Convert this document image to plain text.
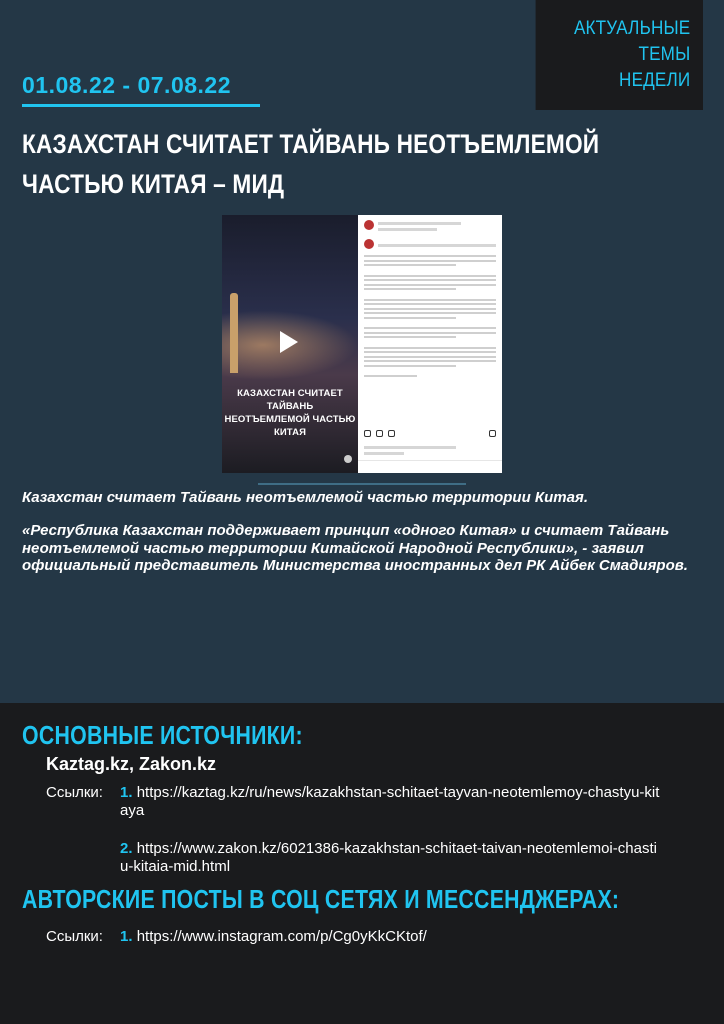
АКТУАЛЬНЫЕ ТЕМЫ
НЕДЕЛИ
01.08.22 - 07.08.22
КАЗАХСТАН СЧИТАЕТ ТАЙВАНЬ НЕОТЪЕМЛЕМОЙ ЧАСТЬЮ КИТАЯ – МИД
КАЗАХСТАН СЧИТАЕТ ТАЙВАНЬ
НЕОТЪЕМЛЕМОЙ ЧАСТЬЮ КИТАЯ
Казахстан считает Тайвань неотъемлемой частью территории Китая.
«Республика Казахстан поддерживает принцип «одного Китая» и считает Тайвань неотъемлемой частью территории Китайской Народной Республики», - заявил официальный представитель Министерства иностранных дел РК Айбек Смадияров.
ОСНОВНЫЕ ИСТОЧНИКИ:
Kaztag.kz, Zakon.kz
Ссылки: 1. https://kaztag.kz/ru/news/kazakhstan-schitaet-tayvan-neotemlemoy-chastyu-kitaya
2. https://www.zakon.kz/6021386-kazakhstan-schitaet-taivan-neotemlemoi-chastiu-kitaia-mid.html
АВТОРСКИЕ ПОСТЫ В СОЦ СЕТЯХ И МЕССЕНДЖЕРАХ:
Ссылки: 1. https://www.instagram.com/p/Cg0yKkCKtof/
